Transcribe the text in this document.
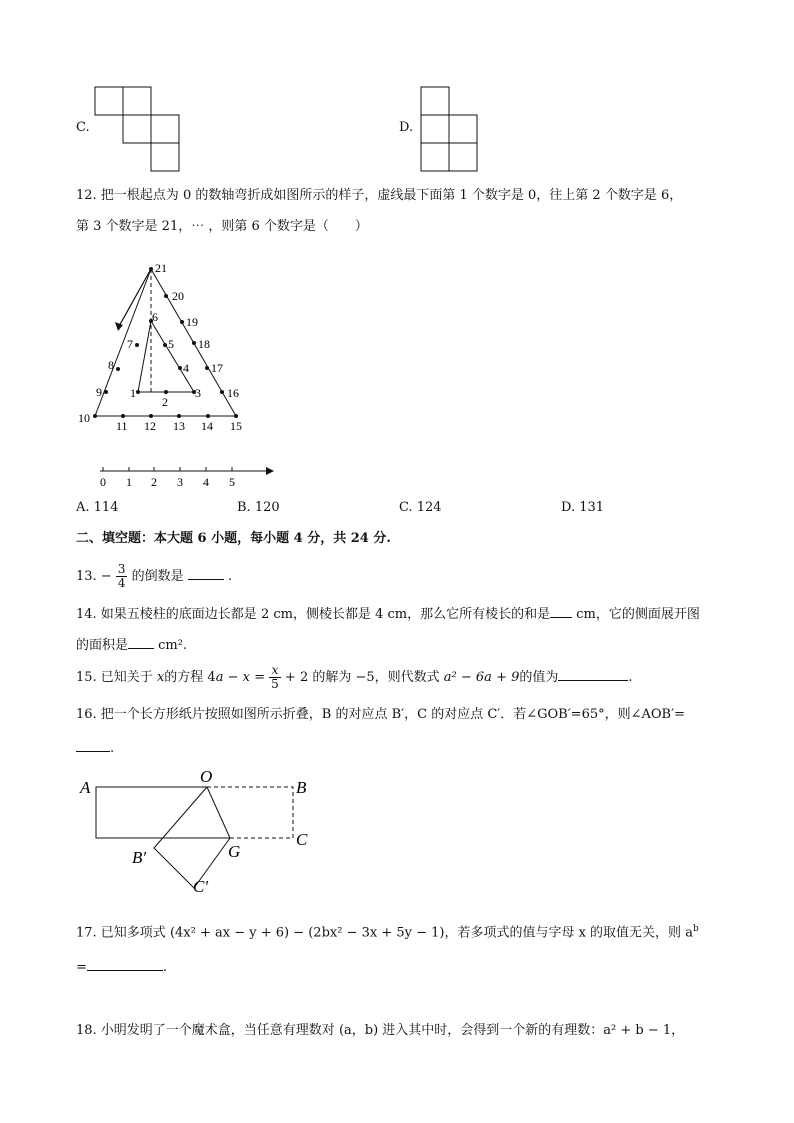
C.	D.
12. 把一根起点为 0 的数轴弯折成如图所示的样子，虚线最下面第 1 个数字是 0，往上第 2 个数字是 6，
第 3 个数字是 21，⋯ ，则第 6 个数字是（　　）
21
20
19
18
17
16
15
14
13
12
11
10
9
8
7
6
5
4
3
2
1
0 1 2 3 4 5
A. 114	B. 120	C. 124	D. 131
二、填空题：本大题 6 小题，每小题 4 分，共 24 分.
13. − $\frac{3}{4}$ 的倒数是	.
14. 如果五棱柱的底面边长都是 2 cm，侧棱长都是 4 cm，那么它所有棱长的和是 cm，它的侧面展开图
的面积是 cm².
15. 已知关于 x的方程 $4a - x = \frac{x}{5} + 2$ 的解为 −5，则代数式 a² − 6a + 9的值为	.
16. 把一个长方形纸片按照如图所示折叠，B 的对应点 B′，C 的对应点 C′．若∠GOB′=65°，则∠AOB′=
.
A
O
B
C
G
B′
C′
17. 已知多项式 (4x² + ax − y + 6) − (2bx² − 3x + 5y − 1)，若多项式的值与字母 x 的取值无关，则 $a^b$
=	.
18. 小明发明了一个魔术盒，当任意有理数对 (a，b) 进入其中时，会得到一个新的有理数：a² + b − 1，
